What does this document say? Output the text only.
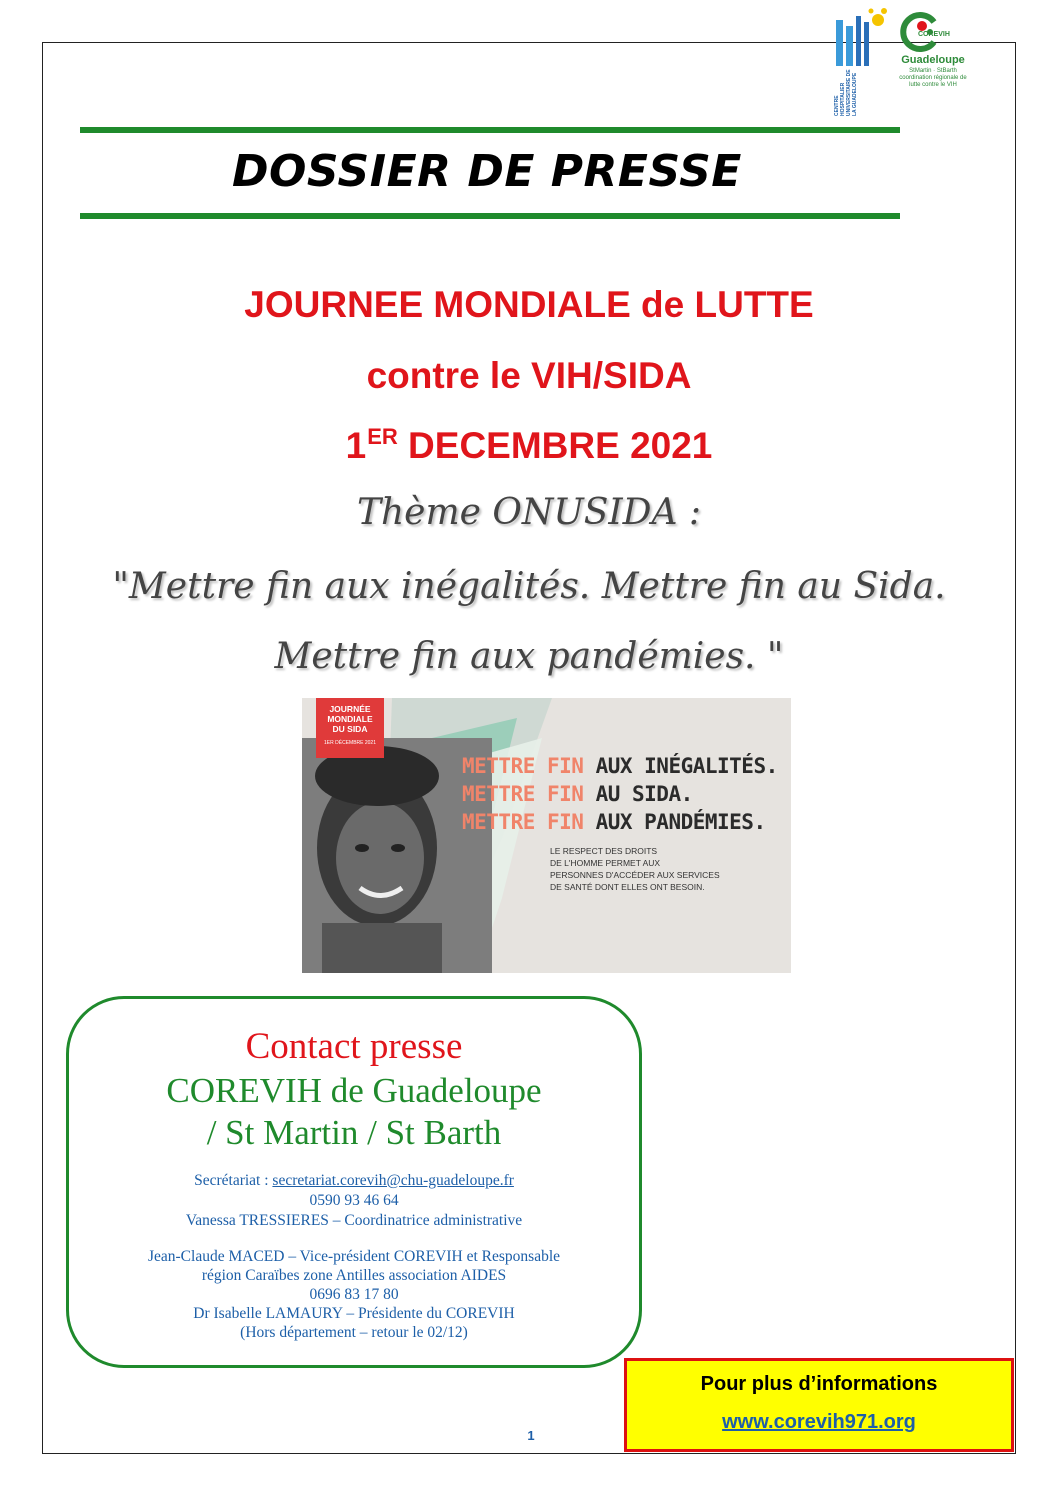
CENTRE HOSPITALIER UNIVERSITAIRE DE LA GUADELOUPE
COREVIH
Guadeloupe
StMartin · StBarth coordination régionale de lutte contre le VIH
DOSSIER DE PRESSE
JOURNEE MONDIALE de LUTTE
contre le VIH/SIDA
1ER DECEMBRE 2021
Thème ONUSIDA :
"Mettre fin aux inégalités. Mettre fin au Sida.
Mettre fin aux pandémies. "
JOURNÉE
MONDIALE
DU SIDA
1ER DÉCEMBRE 2021
METTRE FIN AUX INÉGALITÉS.
METTRE FIN AU SIDA.
METTRE FIN AUX PANDÉMIES.
LE RESPECT DES DROITS
DE L'HOMME PERMET AUX
PERSONNES D'ACCÉDER AUX SERVICES
DE SANTÉ DONT ELLES ONT BESOIN.
Contact presse
COREVIH de Guadeloupe
/ St Martin / St Barth
Secrétariat : secretariat.corevih@chu-guadeloupe.fr
0590 93 46 64
Vanessa TRESSIERES – Coordinatrice administrative
Jean-Claude MACED – Vice-président COREVIH et Responsable
région Caraïbes zone Antilles association AIDES
0696 83 17 80
Dr Isabelle LAMAURY – Présidente du COREVIH
(Hors département – retour le 02/12)
1
Pour plus d’informations
www.corevih971.org
